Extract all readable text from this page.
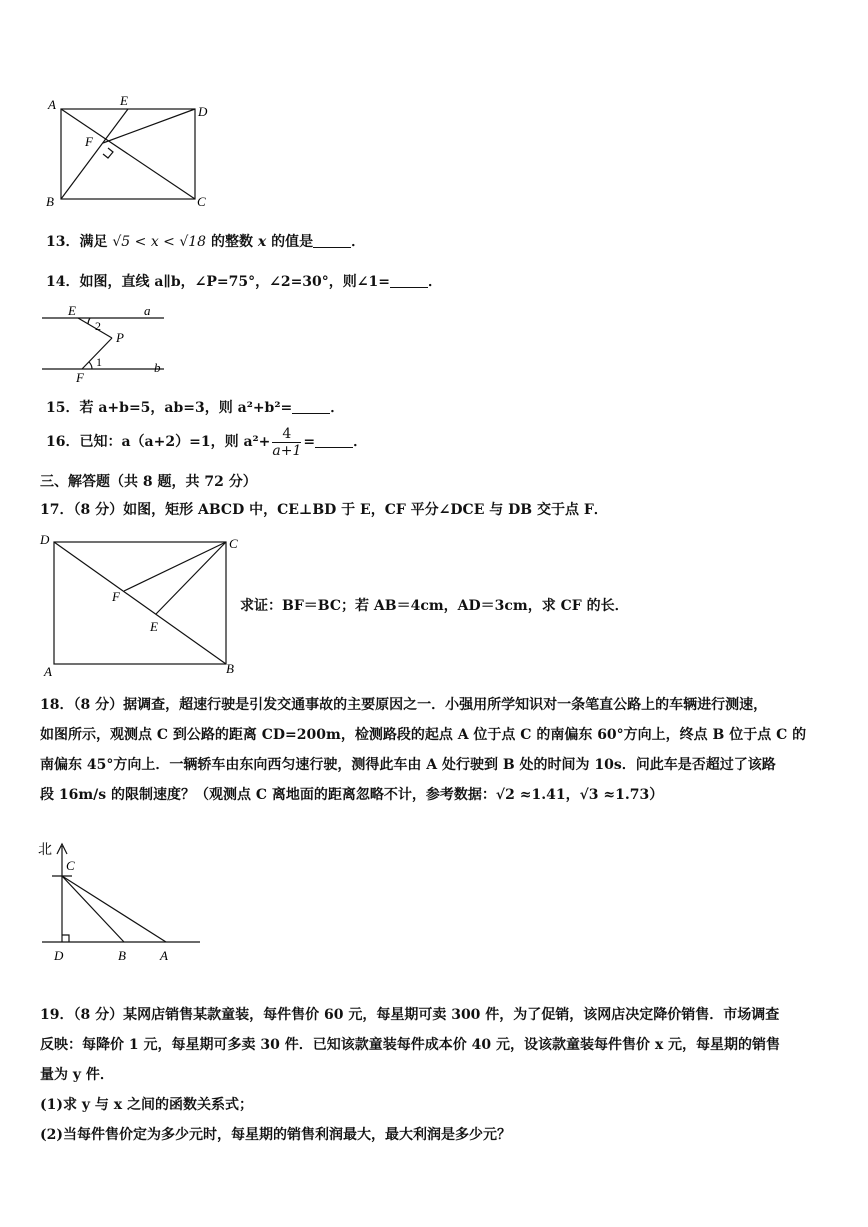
A	E
D
F
B	C
13．满足 √5 < x < √18 的整数 x 的值是	．
14．如图，直线 a∥b，∠P=75°，∠2=30°，则∠1=	．
E	a
2
P
1	b
F
15．若 a+b=5，ab=3，则 a²+b²=	．
16．已知：a（a+2）=1，则 $a^2+ \frac{4}{a+1}$ =	．
三、解答题（共 8 题，共 72 分）
17．（8 分）如图，矩形 ABCD 中，CE⊥BD 于 E，CF 平分∠DCE 与 DB 交于点 F．
D	C
F
E
A	B
求证：BF＝BC；若 AB＝4cm，AD＝3cm，求 CF 的长．
18．（8 分）据调查，超速行驶是引发交通事故的主要原因之一．小强用所学知识对一条笔直公路上的车辆进行测速，
如图所示，观测点 C 到公路的距离 CD=200m，检测路段的起点 A 位于点 C 的南偏东 60°方向上，终点 B 位于点 C 的
南偏东 45°方向上．一辆轿车由东向西匀速行驶，测得此车由 A 处行驶到 B 处的时间为 10s．问此车是否超过了该路
段 16m/s 的限制速度？（观测点 C 离地面的距离忽略不计，参考数据：√2 ≈1.41，√3 ≈1.73）
北
C
D	B	A
19．（8 分）某网店销售某款童装，每件售价 60 元，每星期可卖 300 件，为了促销，该网店决定降价销售．市场调查
反映：每降价 1 元，每星期可多卖 30 件．已知该款童装每件成本价 40 元，设该款童装每件售价 x 元，每星期的销售
量为 y 件．
(1)求 y 与 x 之间的函数关系式；
(2)当每件售价定为多少元时，每星期的销售利润最大，最大利润是多少元？
